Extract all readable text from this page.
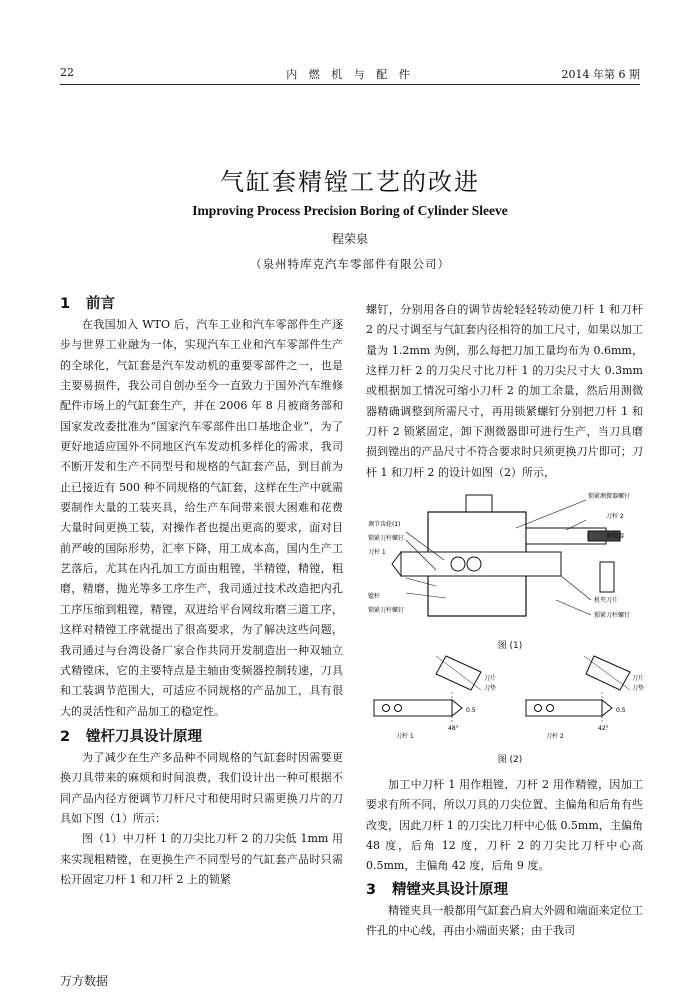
22	内 燃 机 与 配 件	2014 年第 6 期
气缸套精镗工艺的改进
Improving Process Precision Boring of Cylinder Sleeve
程荣泉
（泉州特库克汽车零部件有限公司）
1 前言

在我国加入 WTO 后，汽车工业和汽车零部件生产逐步与世界工业融为一体，实现汽车工业和汽车零部件生产的全球化，气缸套是汽车发动机的重要零部件之一，也是主要易损件，我公司自创办至今一直致力于国外汽车维修配件市场上的气缸套生产，并在 2006 年 8 月被商务部和国家发改委批准为“国家汽车零部件出口基地企业”，为了更好地适应国外不同地区汽车发动机多样化的需求，我司不断开发和生产不同型号和规格的气缸套产品，到目前为止已接近有 500 种不同规格的气缸套，这样在生产中就需要制作大量的工装夹具，给生产车间带来很大困难和花费大量时间更换工装，对操作者也提出更高的要求，面对目前严峻的国际形势，汇率下降，用工成本高，国内生产工艺落后，尤其在内孔加工方面由粗镗，半精镗，精镗，粗磨，精磨，抛光等多工序生产，我司通过技术改造把内孔工序压缩到粗镗，精镗，双进给平台网纹珩磨三道工序，这样对精镗工序就提出了很高要求，为了解决这些问题，我司通过与台湾设备厂家合作共同开发制造出一种双轴立式精镗床，它的主要特点是主轴由变频器控制转速，刀具和工装调节范围大，可适应不同规格的产品加工，具有很大的灵活性和产品加工的稳定性。

2 镗杆刀具设计原理

为了减少在生产多品种不同规格的气缸套时因需要更换刀具带来的麻烦和时间浪费，我们设计出一种可根据不同产品内径方便调节刀杆尺寸和使用时只需更换刀片的刀具如下图（1）所示：

图（1）中刀杆 1 的刀尖比刀杆 2 的刀尖低 1mm 用来实现粗精镗，在更换生产不同型号的气缸套产品时只需松开固定刀杆 1 和刀杆 2 上的锁紧

螺钉，分别用各自的调节齿轮轻轻转动使刀杆 1 和刀杆 2 的尺寸调至与气缸套内径相符的加工尺寸，如果以加工量为 1.2mm 为例，那么每把刀加工量均布为 0.6mm，这样刀杆 2 的刀尖尺寸比刀杆 1 的刀尖尺寸大 0.3mm 或根据加工情况可缩小刀杆 2 的加工余量，然后用测微器精确调整到所需尺寸，再用锁紧螺钉分别把刀杆 1 和刀杆 2 锁紧固定，卸下测微器即可进行生产，当刀具磨损到镗出的产品尺寸不符合要求时只须更换刀片即可；刀杆 1 和刀杆 2 的设计如图（2）所示，

调节齿轮(1)
锁紧刀杆螺钉
刀杆 1
镗杆
锁紧刀杆螺钉
锁紧测微器螺钉
刀杆 2
测微器
机夹刀片
锁紧刀杆螺钉
图 (1)
刀片
刀垫
48°
0.5
刀杆 1
刀片
刀垫
42°
0.5
刀杆 2
图 (2)

加工中刀杆 1 用作粗镗，刀杆 2 用作精镗，因加工要求有所不同，所以刀具的刀尖位置、主偏角和后角有些改变，因此刀杆 1 的刀尖比刀杆中心低 0.5mm，主偏角 48 度，后角 12 度，刀杆 2 的刀尖比刀杆中心高 0.5mm，主偏角 42 度，后角 9 度。

3 精镗夹具设计原理

精镗夹具一般都用气缸套凸肩大外圆和端面来定位工件孔的中心线，再由小端面夹紧；由于我司

万方数据
